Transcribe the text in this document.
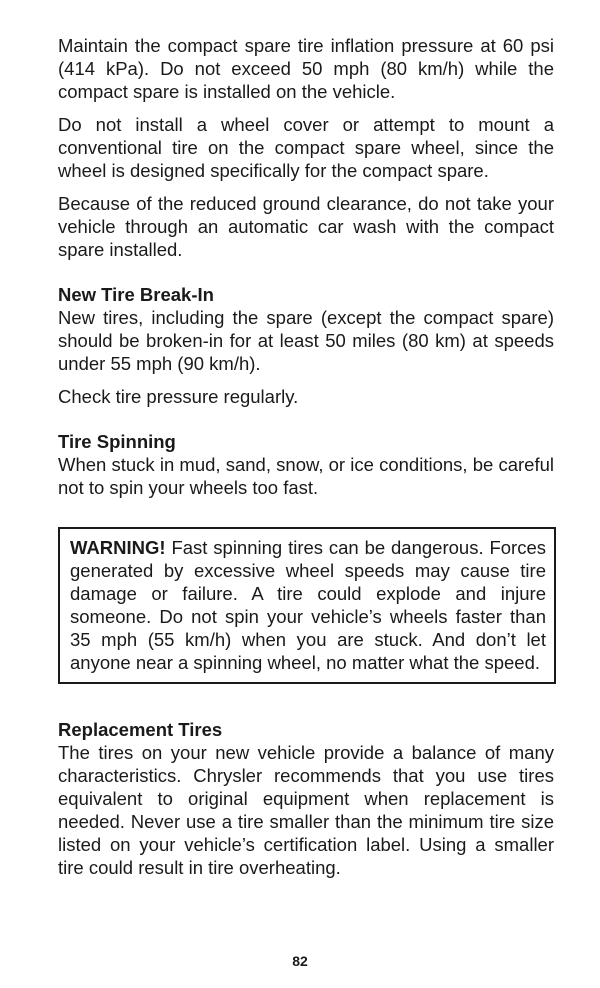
Maintain the compact spare tire inflation pressure at 60 psi (414 kPa). Do not exceed 50 mph (80 km/h) while the compact spare is installed on the vehicle.

Do not install a wheel cover or attempt to mount a conventional tire on the compact spare wheel, since the wheel is designed specifically for the compact spare.

Because of the reduced ground clearance, do not take your vehicle through an automatic car wash with the compact spare installed.

New Tire Break-In

New tires, including the spare (except the compact spare) should be broken-in for at least 50 miles (80 km) at speeds under 55 mph (90 km/h).

Check tire pressure regularly.

Tire Spinning

When stuck in mud, sand, snow, or ice conditions, be careful not to spin your wheels too fast.

WARNING! Fast spinning tires can be dangerous. Forces generated by excessive wheel speeds may cause tire damage or failure. A tire could explode and injure someone. Do not spin your vehicle’s wheels faster than 35 mph (55 km/h) when you are stuck. And don’t let anyone near a spinning wheel, no matter what the speed.
Replacement Tires

The tires on your new vehicle provide a balance of many characteristics. Chrysler recommends that you use tires equivalent to original equipment when replacement is needed. Never use a tire smaller than the minimum tire size listed on your vehicle’s certification label. Using a smaller tire could result in tire overheating.

82
